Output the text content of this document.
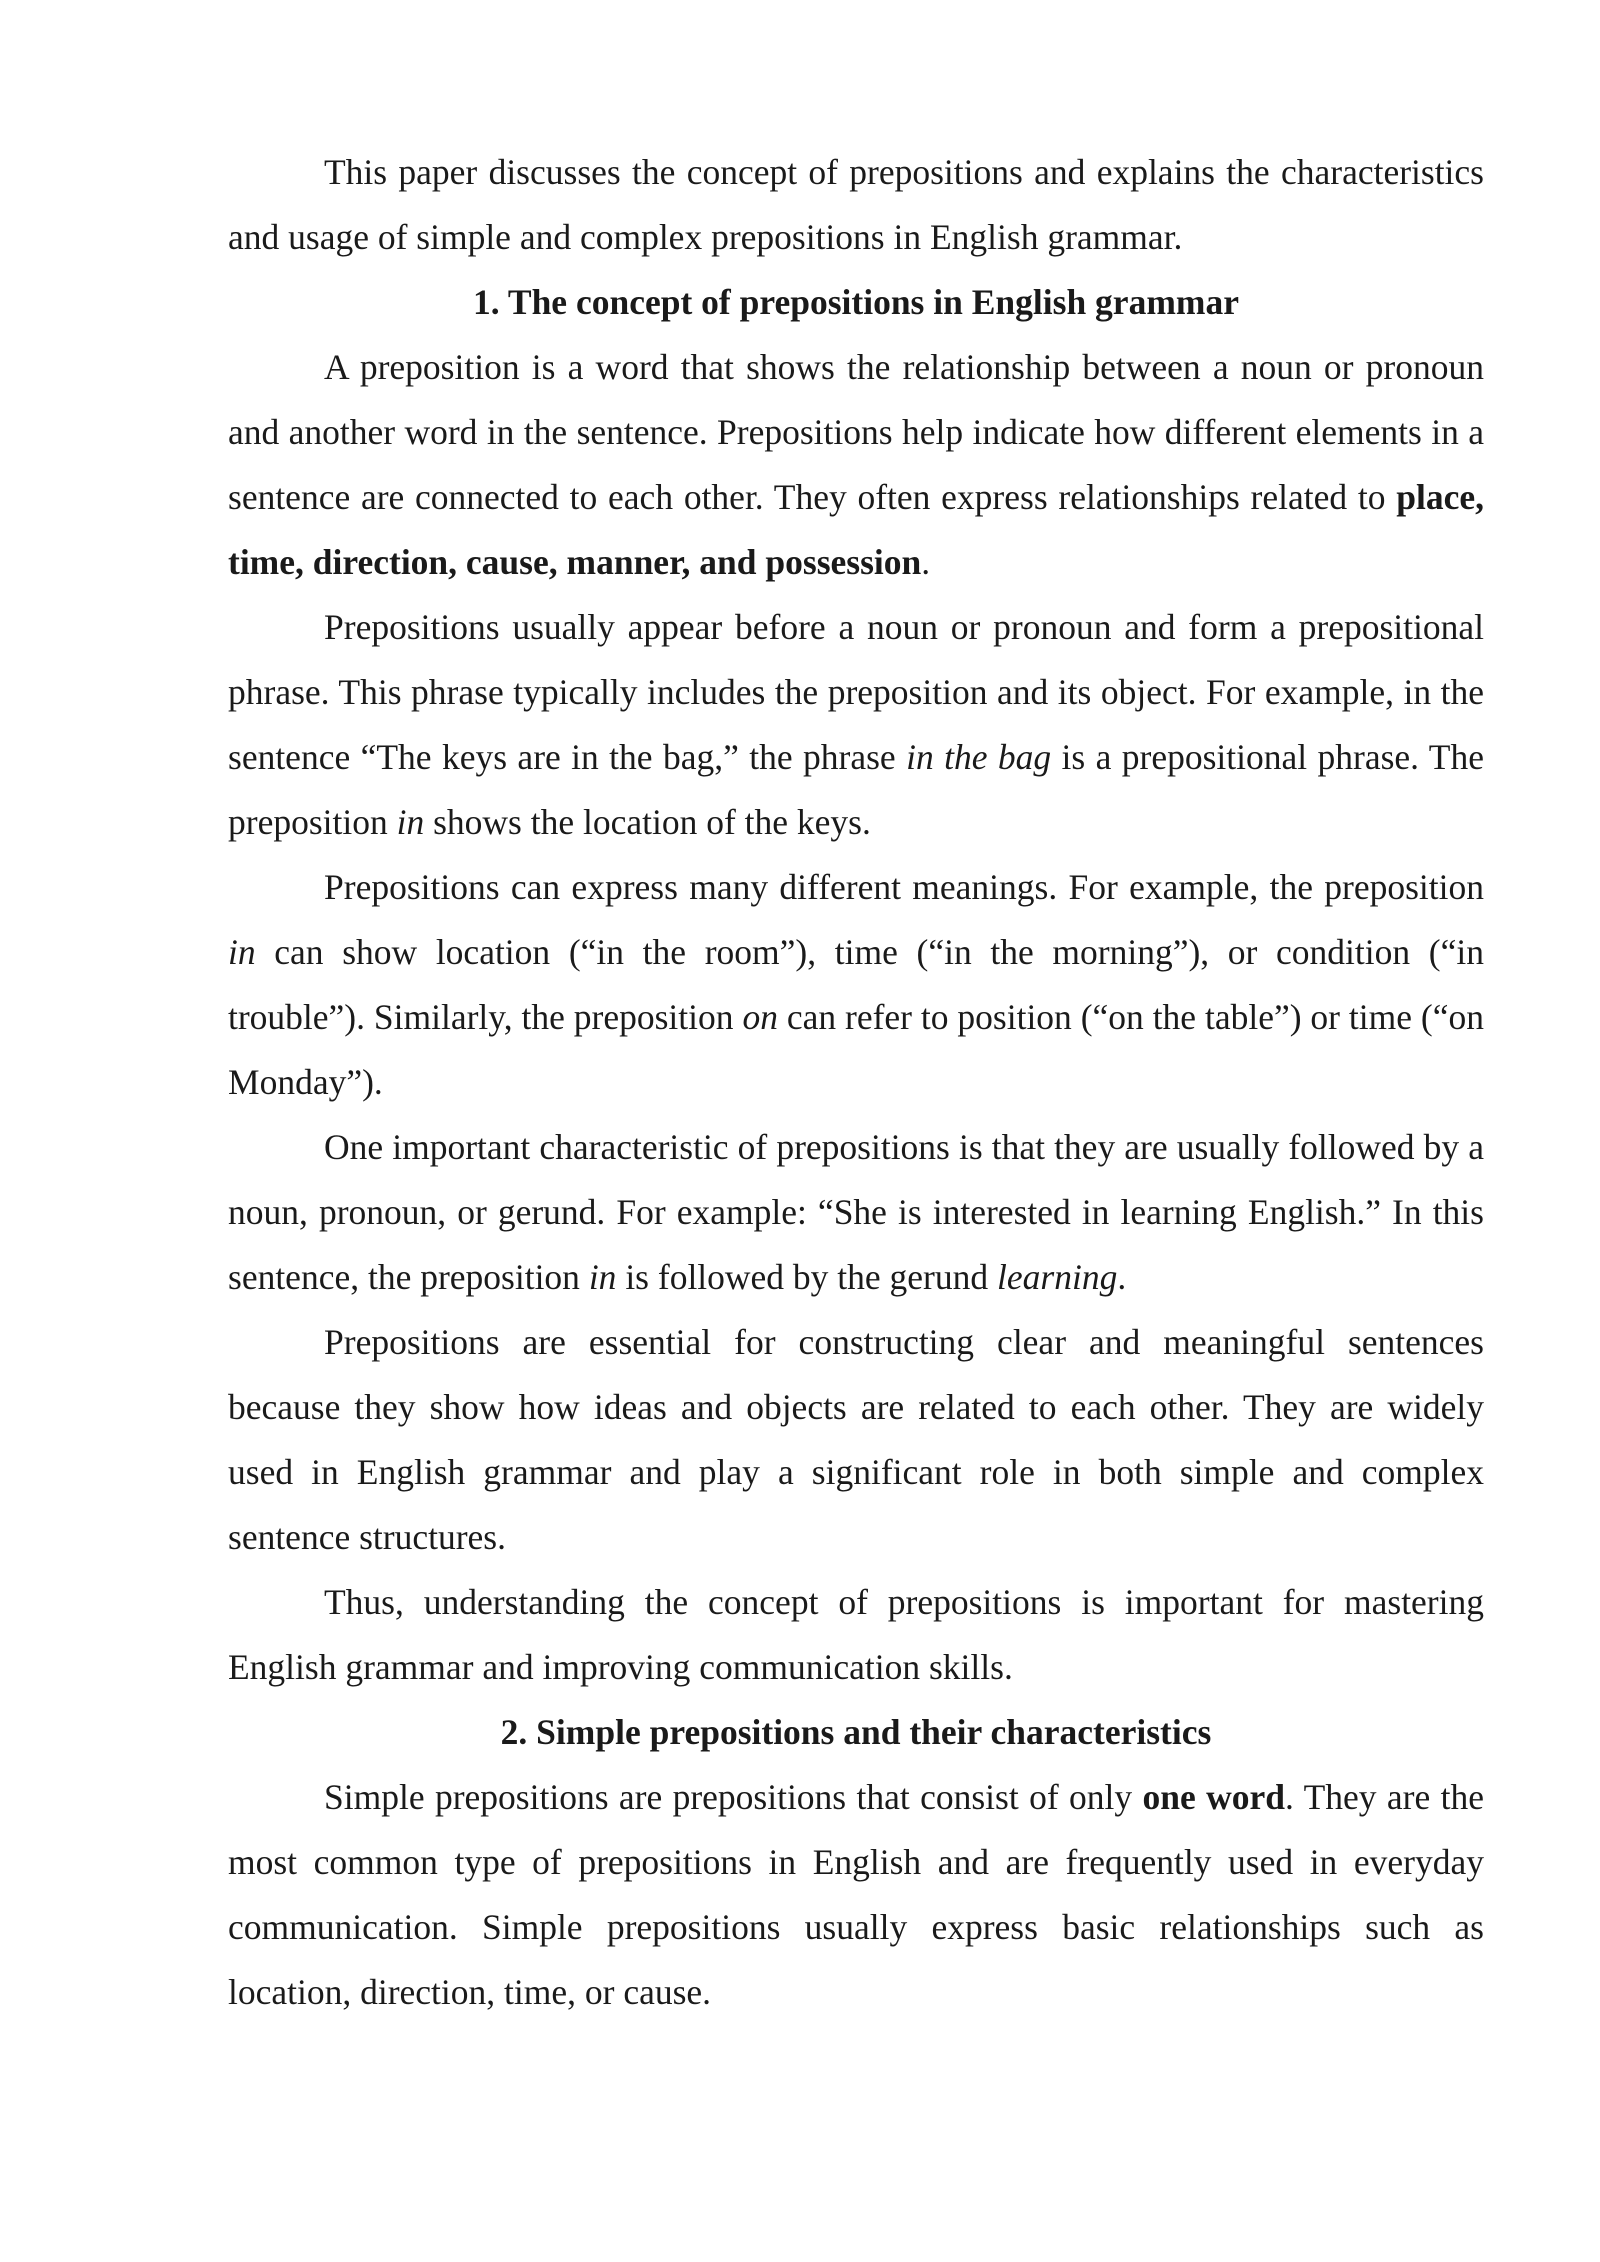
This paper discusses the concept of prepositions and explains the characteristics and usage of simple and complex prepositions in English grammar.

1. The concept of prepositions in English grammar

A preposition is a word that shows the relationship between a noun or pronoun and another word in the sentence. Prepositions help indicate how different elements in a sentence are connected to each other. They often express relationships related to place, time, direction, cause, manner, and possession.

Prepositions usually appear before a noun or pronoun and form a prepositional phrase. This phrase typically includes the preposition and its object. For example, in the sentence “The keys are in the bag,” the phrase in the bag is a prepositional phrase. The preposition in shows the location of the keys.

Prepositions can express many different meanings. For example, the preposition in can show location (“in the room”), time (“in the morning”), or condition (“in trouble”). Similarly, the preposition on can refer to position (“on the table”) or time (“on Monday”).

One important characteristic of prepositions is that they are usually followed by a noun, pronoun, or gerund. For example: “She is interested in learning English.” In this sentence, the preposition in is followed by the gerund learning.

Prepositions are essential for constructing clear and meaningful sentences because they show how ideas and objects are related to each other. They are widely used in English grammar and play a significant role in both simple and complex sentence structures.

Thus, understanding the concept of prepositions is important for mastering English grammar and improving communication skills.

2. Simple prepositions and their characteristics

Simple prepositions are prepositions that consist of only one word. They are the most common type of prepositions in English and are frequently used in everyday communication. Simple prepositions usually express basic relationships such as location, direction, time, or cause.
